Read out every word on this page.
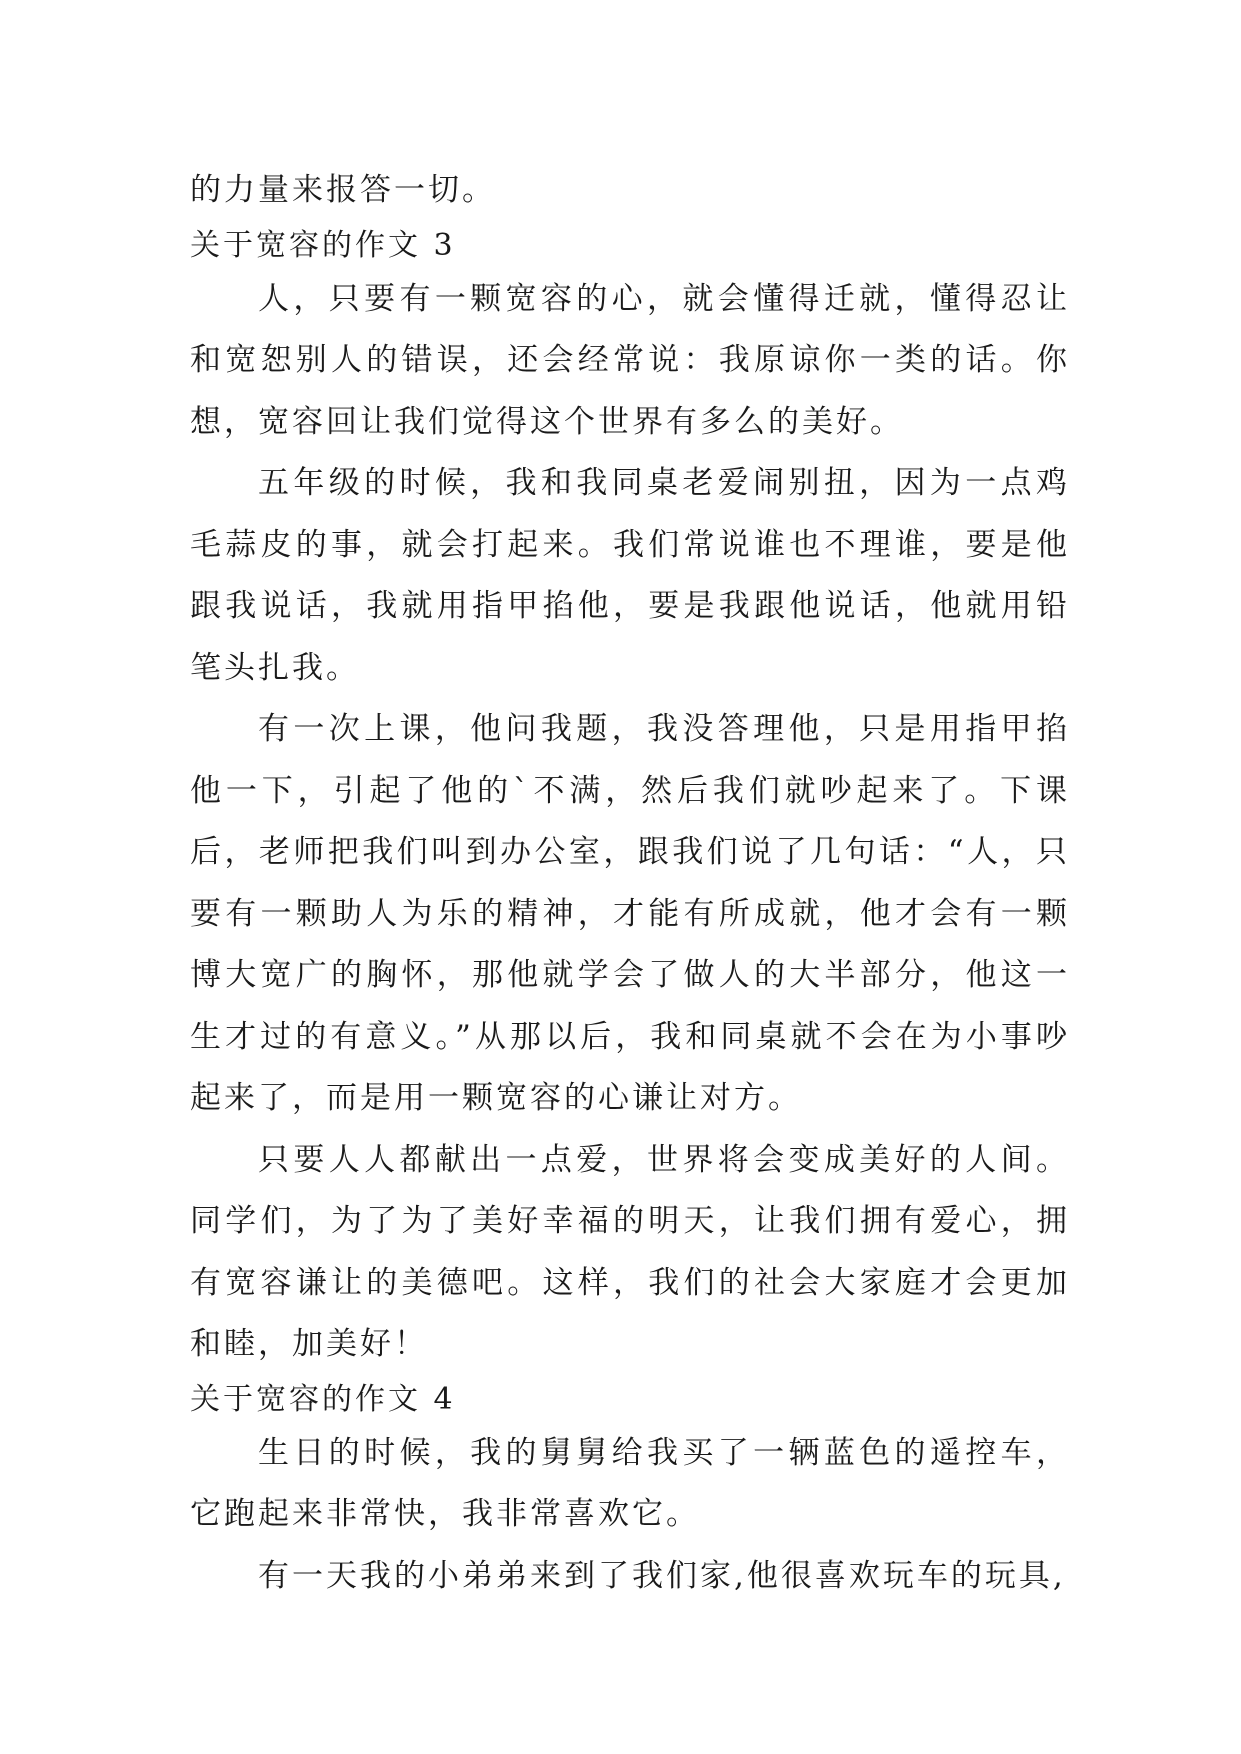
的力量来报答一切。

关于宽容的作文 3

人，只要有一颗宽容的心，就会懂得迁就，懂得忍让和宽恕别人的错误，还会经常说：我原谅你一类的话。你想，宽容回让我们觉得这个世界有多么的美好。

五年级的时候，我和我同桌老爱闹别扭，因为一点鸡毛蒜皮的事，就会打起来。我们常说谁也不理谁，要是他跟我说话，我就用指甲掐他，要是我跟他说话，他就用铅笔头扎我。

有一次上课，他问我题，我没答理他，只是用指甲掐他一下，引起了他的`不满，然后我们就吵起来了。下课后，老师把我们叫到办公室，跟我们说了几句话：“人，只要有一颗助人为乐的精神，才能有所成就，他才会有一颗博大宽广的胸怀，那他就学会了做人的大半部分，他这一生才过的有意义。”从那以后，我和同桌就不会在为小事吵起来了，而是用一颗宽容的心谦让对方。

只要人人都献出一点爱，世界将会变成美好的人间。同学们，为了为了美好幸福的明天，让我们拥有爱心，拥有宽容谦让的美德吧。这样，我们的社会大家庭才会更加和睦，加美好！

关于宽容的作文 4

生日的时候，我的舅舅给我买了一辆蓝色的遥控车，它跑起来非常快，我非常喜欢它。

有一天我的小弟弟来到了我们家,他很喜欢玩车的玩具,
